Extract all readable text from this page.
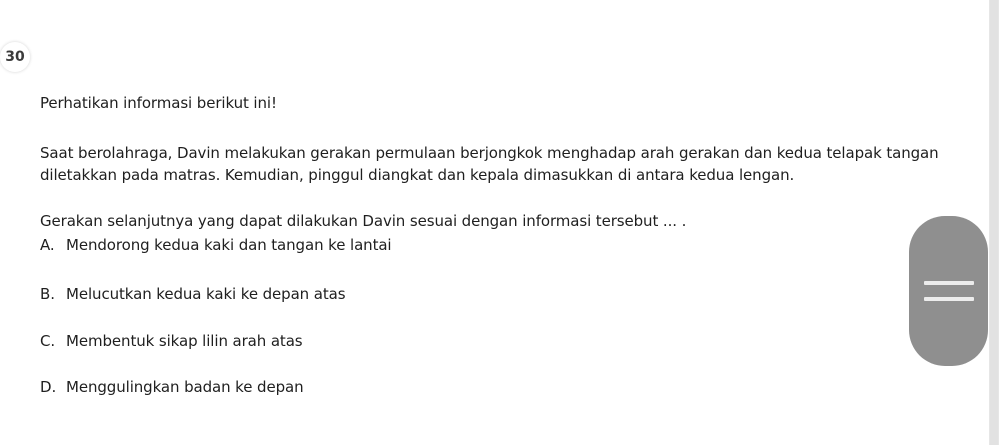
30
Perhatikan informasi berikut ini!
Saat berolahraga, Davin melakukan gerakan permulaan berjongkok menghadap arah gerakan dan kedua telapak tangan diletakkan pada matras. Kemudian, pinggul diangkat dan kepala dimasukkan di antara kedua lengan.
Gerakan selanjutnya yang dapat dilakukan Davin sesuai dengan informasi tersebut ... .
A. Mendorong kedua kaki dan tangan ke lantai
B. Melucutkan kedua kaki ke depan atas
C. Membentuk sikap lilin arah atas
D. Menggulingkan badan ke depan
